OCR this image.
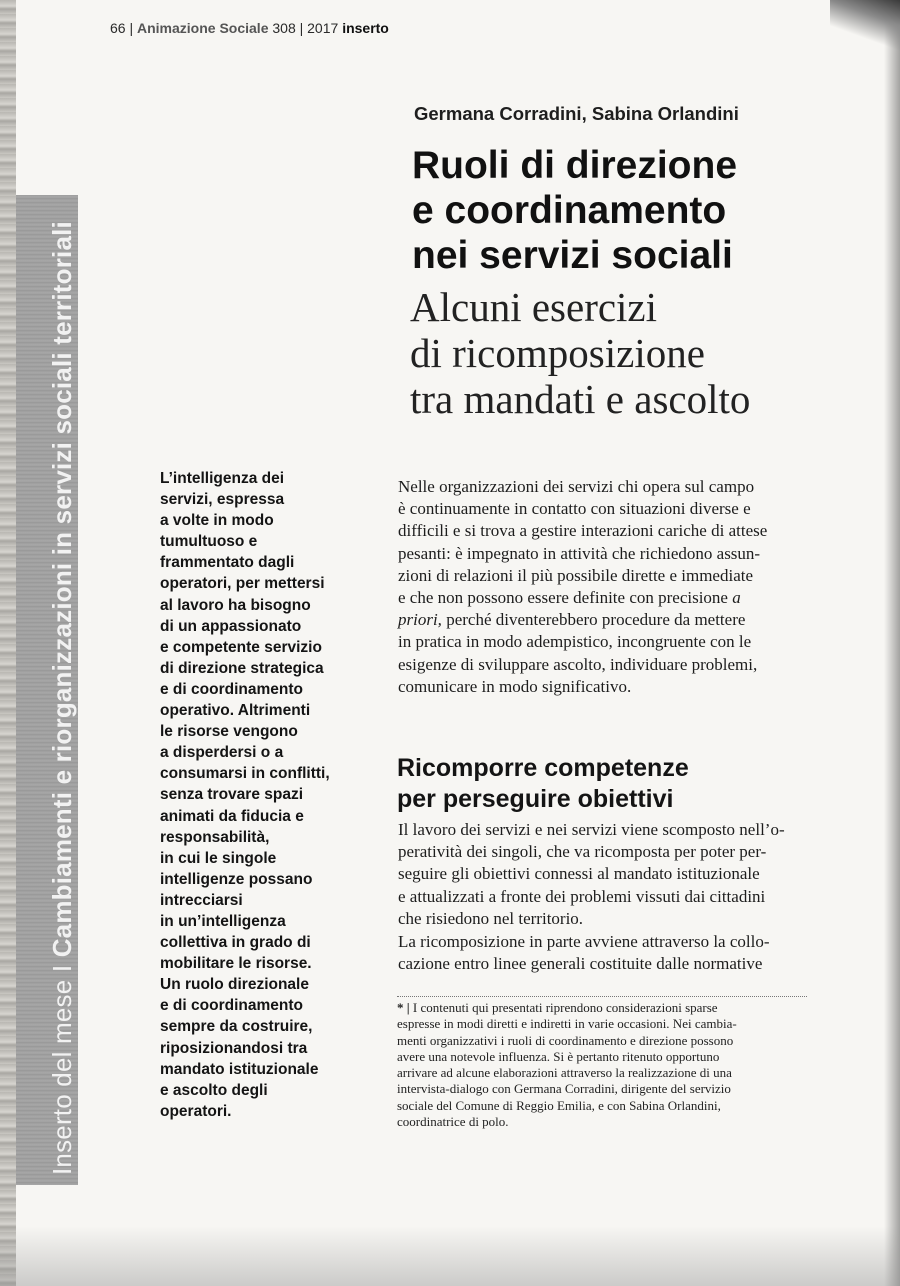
Inserto del mese I Cambiamenti e riorganizzazioni in servizi sociali territoriali
66 | Animazione Sociale 308 | 2017 inserto
Germana Corradini, Sabina Orlandini
Ruoli di direzione
e coordinamento
nei servizi sociali
Alcuni esercizi
di ricomposizione
tra mandati e ascolto
L’intelligenza dei
servizi, espressa
a volte in modo
tumultuoso e
frammentato dagli
operatori, per mettersi
al lavoro ha bisogno
di un appassionato
e competente servizio
di direzione strategica
e di coordinamento
operativo. Altrimenti
le risorse vengono
a disperdersi o a
consumarsi in conflitti,
senza trovare spazi
animati da fiducia e
responsabilità,
in cui le singole
intelligenze possano
intrecciarsi
in un’intelligenza
collettiva in grado di
mobilitare le risorse.
Un ruolo direzionale
e di coordinamento
sempre da costruire,
riposizionandosi tra
mandato istituzionale
e ascolto degli
operatori.
Nelle organizzazioni dei servizi chi opera sul campo
è continuamente in contatto con situazioni diverse e
difficili e si trova a gestire interazioni cariche di attese
pesanti: è impegnato in attività che richiedono assun-
zioni di relazioni il più possibile dirette e immediate
e che non possono essere definite con precisione a
priori, perché diventerebbero procedure da mettere
in pratica in modo adempistico, incongruente con le
esigenze di sviluppare ascolto, individuare problemi,
comunicare in modo significativo.
Ricomporre competenze
per perseguire obiettivi
Il lavoro dei servizi e nei servizi viene scomposto nell’o-
peratività dei singoli, che va ricomposta per poter per-
seguire gli obiettivi connessi al mandato istituzionale
e attualizzati a fronte dei problemi vissuti dai cittadini
che risiedono nel territorio.
La ricomposizione in parte avviene attraverso la collo-
cazione entro linee generali costituite dalle normative
* | I contenuti qui presentati riprendono considerazioni sparse
espresse in modi diretti e indiretti in varie occasioni. Nei cambia-
menti organizzativi i ruoli di coordinamento e direzione possono
avere una notevole influenza. Si è pertanto ritenuto opportuno
arrivare ad alcune elaborazioni attraverso la realizzazione di una
intervista-dialogo con Germana Corradini, dirigente del servizio
sociale del Comune di Reggio Emilia, e con Sabina Orlandini,
coordinatrice di polo.
